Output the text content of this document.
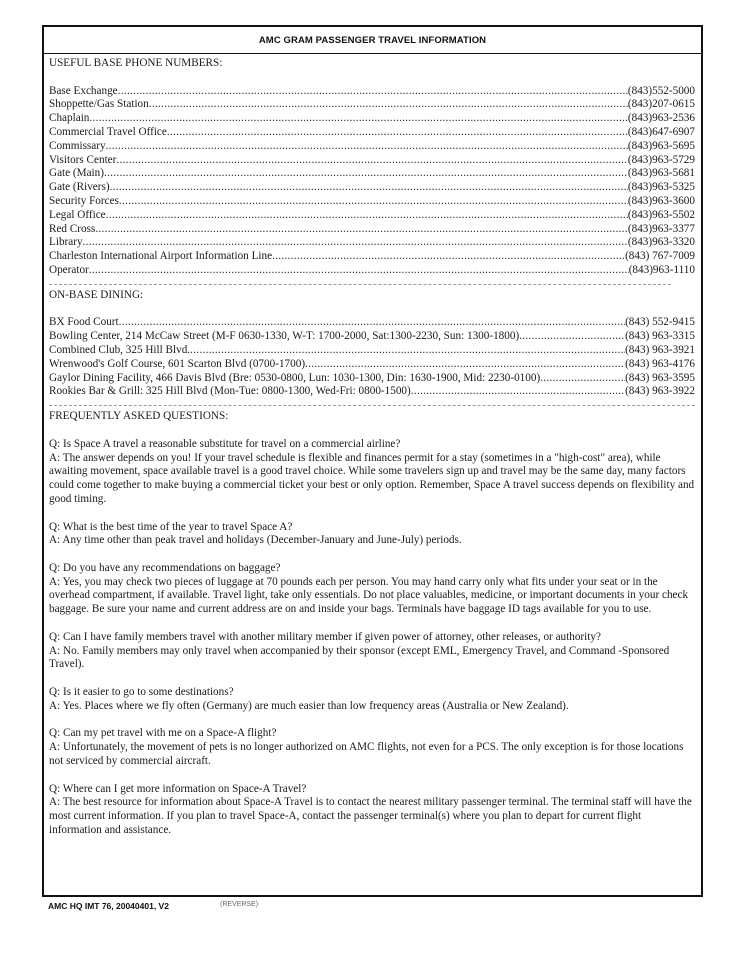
AMC GRAM PASSENGER TRAVEL INFORMATION
USEFUL BASE PHONE NUMBERS:
Base Exchange .....	(843)552-5000
Shoppette/Gas Station .....	(843)207-0615
Chaplain .....	(843)963-2536
Commercial Travel Office .....	(843)647-6907
Commissary .....	(843)963-5695
Visitors Center .....	(843)963-5729
Gate (Main) .....	(843)963-5681
Gate (Rivers) .....	(843)963-5325
Security Forces .....	(843)963-3600
Legal Office .....	(843)963-5502
Red Cross .....	(843)963-3377
Library .....	(843)963-3320
Charleston International Airport Information Line .....	(843) 767-7009
Operator .....	(843)963-1110
ON-BASE DINING:
BX Food Court .....	(843) 552-9415
Bowling Center, 214 McCaw Street (M-F 0630-1330, W-T: 1700-2000, Sat:1300-2230, Sun: 1300-1800) .....	(843) 963-3315
Combined Club, 325 Hill Blvd. .....	(843) 963-3921
Wrenwood's Golf Course, 601 Scarton Blvd (0700-1700) .....	(843) 963-4176
Gaylor Dining Facility, 466 Davis Blvd (Bre: 0530-0800, Lun: 1030-1300, Din: 1630-1900, Mid: 2230-0100) .....	(843) 963-3595
Rookies Bar & Grill: 325 Hill Blvd (Mon-Tue: 0800-1300, Wed-Fri: 0800-1500) .....	(843) 963-3922
FREQUENTLY ASKED QUESTIONS:

Q: Is Space A travel a reasonable substitute for travel on a commercial airline?

A: The answer depends on you! If your travel schedule is flexible and finances permit for a stay (sometimes in a "high-cost" area), while awaiting movement, space available travel is a good travel choice. While some travelers sign up and travel may be the same day, many factors could come together to make buying a commercial ticket your best or only option. Remember, Space A travel success depends on flexibility and good timing.

Q: What is the best time of the year to travel Space A?

A: Any time other than peak travel and holidays (December-January and June-July) periods.

Q: Do you have any recommendations on baggage?

A: Yes, you may check two pieces of luggage at 70 pounds each per person. You may hand carry only what fits under your seat or in the overhead compartment, if available. Travel light, take only essentials. Do not place valuables, medicine, or important documents in your check baggage. Be sure your name and current address are on and inside your bags. Terminals have baggage ID tags available for you to use.

Q: Can I have family members travel with another military member if given power of attorney, other releases, or authority?

A: No. Family members may only travel when accompanied by their sponsor (except EML, Emergency Travel, and Command -Sponsored Travel).

Q: Is it easier to go to some destinations?

A: Yes. Places where we fly often (Germany) are much easier than low frequency areas (Australia or New Zealand).

Q: Can my pet travel with me on a Space-A flight?

A: Unfortunately, the movement of pets is no longer authorized on AMC flights, not even for a PCS. The only exception is for those locations not serviced by commercial aircraft.

Q: Where can I get more information on Space-A Travel?

A: The best resource for information about Space-A Travel is to contact the nearest military passenger terminal. The terminal staff will have the most current information. If you plan to travel Space-A, contact the passenger terminal(s) where you plan to depart for current flight information and assistance.

AMC HQ IMT 76, 20040401, V2	(REVERSE)
